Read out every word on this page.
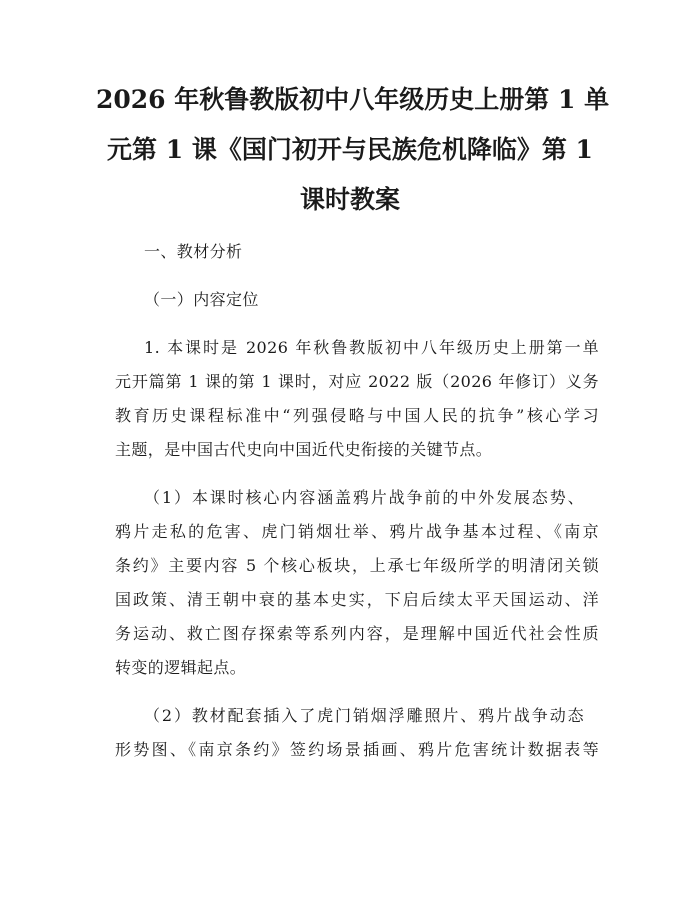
2026 年秋鲁教版初中八年级历史上册第 1 单
元第 1 课《国门初开与民族危机降临》第 1
课时教案
一、教材分析
（一）内容定位
1. 本课时是 2026 年秋鲁教版初中八年级历史上册第一单
元开篇第 1 课的第 1 课时，对应 2022 版（2026 年修订）义务
教育历史课程标准中“列强侵略与中国人民的抗争”核心学习
主题，是中国古代史向中国近代史衔接的关键节点。
（1）本课时核心内容涵盖鸦片战争前的中外发展态势、
鸦片走私的危害、虎门销烟壮举、鸦片战争基本过程、《南京
条约》主要内容 5 个核心板块，上承七年级所学的明清闭关锁
国政策、清王朝中衰的基本史实，下启后续太平天国运动、洋
务运动、救亡图存探索等系列内容，是理解中国近代社会性质
转变的逻辑起点。
（2）教材配套插入了虎门销烟浮雕照片、鸦片战争动态
形势图、《南京条约》签约场景插画、鸦片危害统计数据表等
